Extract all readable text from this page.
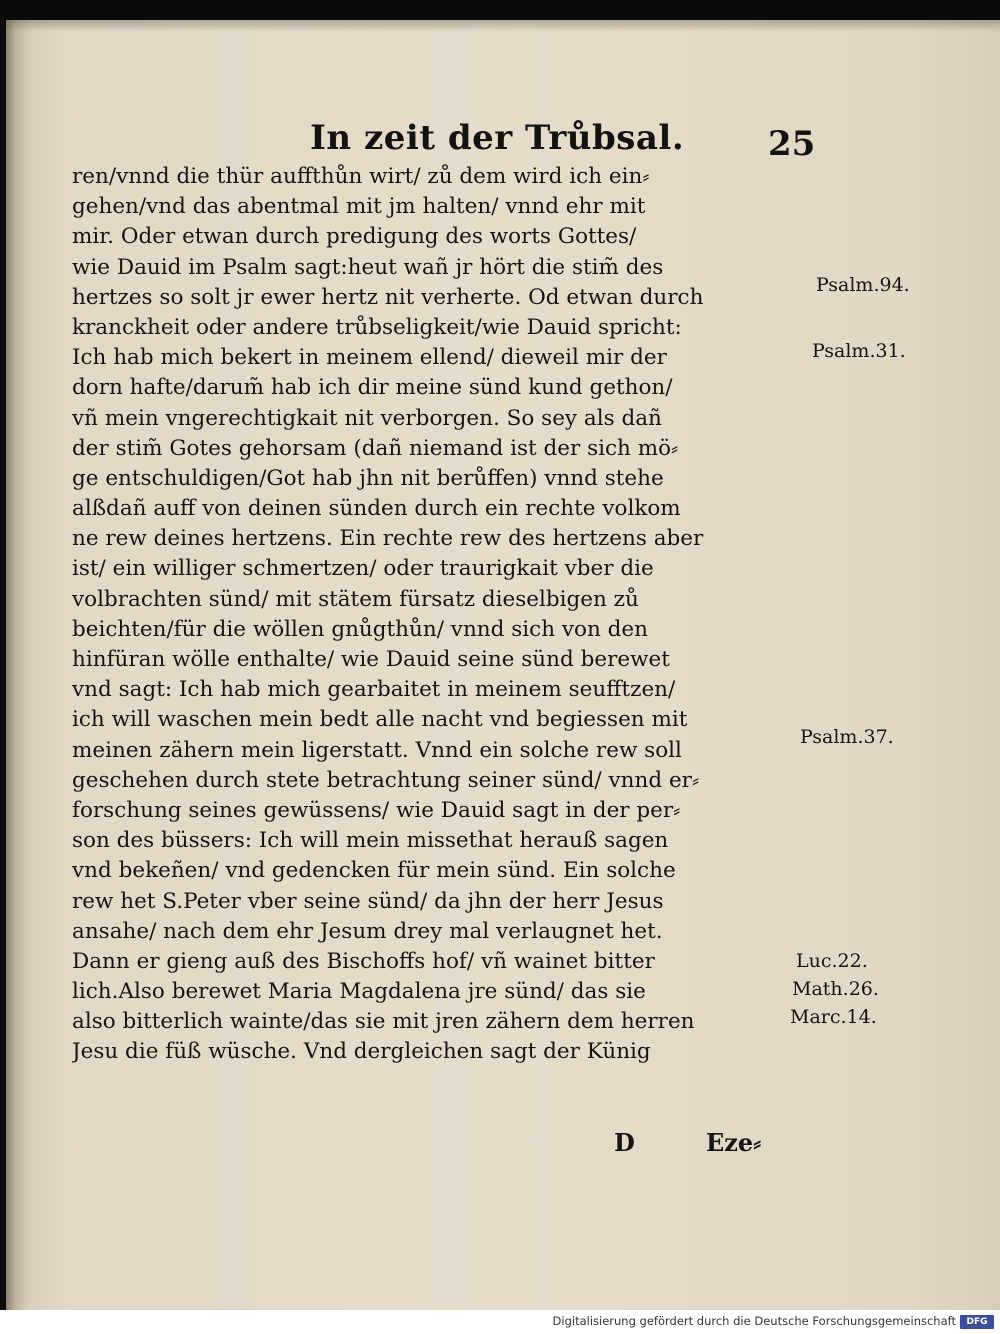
In zeit der Trůbsal. 25
ren/vnnd die thür auffthůn wirt/ zů dem wird ich ein⸗
gehen/vnd das abentmal mit jm halten/ vnnd ehr mit
mir. Oder etwan durch predigung des worts Gottes/
wie Dauid im Psalm sagt:heut wañ jr hört die stim̃ des
hertzes so solt jr ewer hertz nit verherte. Od etwan durch
kranckheit oder andere trůbseligkeit/wie Dauid spricht:
Ich hab mich bekert in meinem ellend/ dieweil mir der
dorn hafte/darum̃ hab ich dir meine sünd kund gethon/
vñ mein vngerechtigkait nit verborgen. So sey als dañ
der stim̃ Gotes gehorsam (dañ niemand ist der sich mö⸗
ge entschuldigen/Got hab jhn nit berůffen) vnnd stehe
alßdañ auff von deinen sünden durch ein rechte volkom
ne rew deines hertzens. Ein rechte rew des hertzens aber
ist/ ein williger schmertzen/ oder traurigkait vber die
volbrachten sünd/ mit stätem fürsatz dieselbigen zů
beichten/für die wöllen gnůgthůn/ vnnd sich von den
hinfüran wölle enthalte/ wie Dauid seine sünd berewet
vnd sagt: Ich hab mich gearbaitet in meinem seufftzen/
ich will waschen mein bedt alle nacht vnd begiessen mit
meinen zähern mein ligerstatt. Vnnd ein solche rew soll
geschehen durch stete betrachtung seiner sünd/ vnnd er⸗
forschung seines gewüssens/ wie Dauid sagt in der per⸗
son des büssers: Ich will mein missethat herauß sagen
vnd bekeñen/ vnd gedencken für mein sünd. Ein solche
rew het S.Peter vber seine sünd/ da jhn der herr Jesus
ansahe/ nach dem ehr Jesum drey mal verlaugnet het.
Dann er gieng auß des Bischoffs hof/ vñ wainet bitter
lich.Also berewet Maria Magdalena jre sünd/ das sie
also bitterlich wainte/das sie mit jren zähern dem herren
Jesu die füß wüsche. Vnd dergleichen sagt der Künig
Psalm.94.
Psalm.31.
Psalm.37.
Luc.22.
Math.26.
Marc.14.
D	Eze⸗
Digitalisierung gefördert durch die Deutsche Forschungsgemeinschaft	DFG
